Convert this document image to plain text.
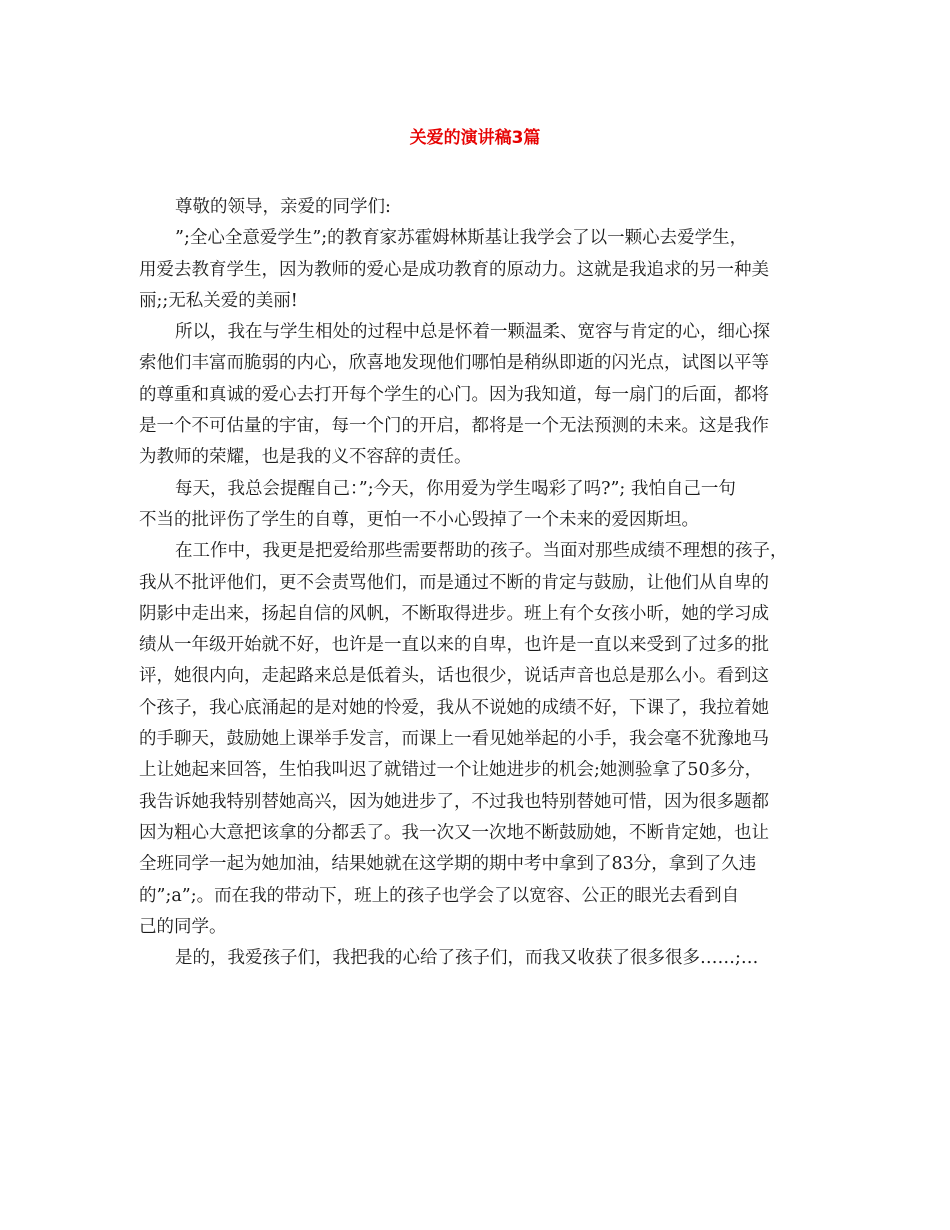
关爱的演讲稿3篇
尊敬的领导，亲爱的同学们:
”;全心全意爱学生”;的教育家苏霍姆林斯基让我学会了以一颗心去爱学生，
用爱去教育学生，因为教师的爱心是成功教育的原动力。这就是我追求的另一种美
丽;;无私关爱的美丽!
所以，我在与学生相处的过程中总是怀着一颗温柔、宽容与肯定的心，细心探
索他们丰富而脆弱的内心，欣喜地发现他们哪怕是稍纵即逝的闪光点，试图以平等
的尊重和真诚的爱心去打开每个学生的心门。因为我知道，每一扇门的后面，都将
是一个不可估量的宇宙，每一个门的开启，都将是一个无法预测的未来。这是我作
为教师的荣耀，也是我的义不容辞的责任。
每天，我总会提醒自己：”;今天，你用爱为学生喝彩了吗?”; 我怕自己一句
不当的批评伤了学生的自尊，更怕一不小心毁掉了一个未来的爱因斯坦。
在工作中，我更是把爱给那些需要帮助的孩子。当面对那些成绩不理想的孩子，
我从不批评他们，更不会责骂他们，而是通过不断的肯定与鼓励，让他们从自卑的
阴影中走出来，扬起自信的风帆，不断取得进步。班上有个女孩小昕，她的学习成
绩从一年级开始就不好，也许是一直以来的自卑，也许是一直以来受到了过多的批
评，她很内向，走起路来总是低着头，话也很少，说话声音也总是那么小。看到这
个孩子，我心底涌起的是对她的怜爱，我从不说她的成绩不好，下课了，我拉着她
的手聊天，鼓励她上课举手发言，而课上一看见她举起的小手，我会毫不犹豫地马
上让她起来回答，生怕我叫迟了就错过一个让她进步的机会;她测验拿了50多分，
我告诉她我特别替她高兴，因为她进步了，不过我也特别替她可惜，因为很多题都
因为粗心大意把该拿的分都丢了。我一次又一次地不断鼓励她，不断肯定她，也让
全班同学一起为她加油，结果她就在这学期的期中考中拿到了83分，拿到了久违
的”;a”;。而在我的带动下，班上的孩子也学会了以宽容、公正的眼光去看到自
己的同学。
是的，我爱孩子们，我把我的心给了孩子们，而我又收获了很多很多……;…
